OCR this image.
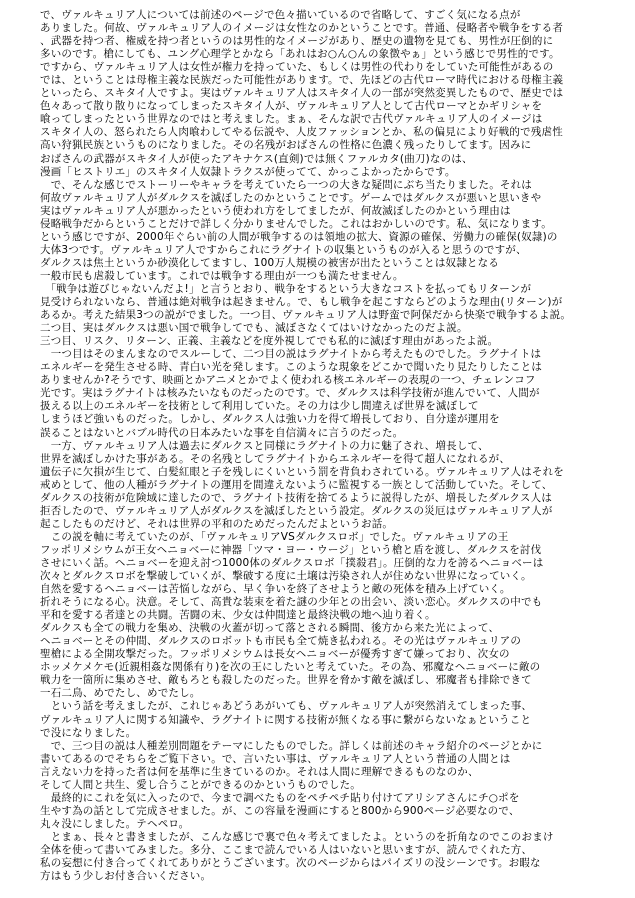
で、ヴァルキュリア人については前述のページで色々描いているので省略して、すごく気になる点が
ありました。何故、ヴァルキュリア人のイメージは女性なのかということです。普通、侵略者や戦争をする者
、武器を持つ者、権威を持つ者というのは男性的なイメージがあり、歴史の遺物を見ても、男性が圧倒的に
多いのです。槍にしても、ユング心理学とかなら「あれはお○ん○んの象徴やぁ」という感じで男性的です。
ですから、ヴァルキュリア人は女性が権力を持っていた、もしくは男性の代わりをしていた可能性があるの
では、ということは母権主義な民族だった可能性があります。で、先ほどの古代ローマ時代における母権主義
といったら、スキタイ人ですよ。実はヴァルキュリア人はスキタイ人の一部が突然変異したもので、歴史では
色々あって散り散りになってしまったスキタイ人が、ヴァルキュリア人として古代ローマとかギリシャを
喰ってしまったという世界なのではと考えました。まぁ、そんな訳で古代ヴァルキュリア人のイメージは
スキタイ人の、怒られたら人肉喰わしてやる伝説や、人皮ファッションとか、私の偏見により好戦的で残虐性
高い狩猟民族というものになりました。その名残がおばさんの性格に色濃く残ったりしてます。因みに
おばさんの武器がスキタイ人が使ったアキナケス(直剣)では無くファルカタ(曲刀)なのは、
漫画「ヒストリエ」のスキタイ人奴隷トラクスが使ってて、かっこよかったからです。
　で、そんな感じでストーリーやキャラを考えていたら一つの大きな疑問にぶち当たりました。それは
何故ヴァルキュリア人がダルクスを滅ぼしたのかということです。ゲームではダルクスが悪いと思いきや
実はヴァルキュリア人が悪かったという使われ方をしてましたが、何故滅ぼしたのかという理由は
侵略戦争だからということだけで詳しく分かりませんでした。これはおかしいのです。私、気になります。
という感じですが、2000年ぐらい前の人間が戦争するのは領地の拡大、資源の確保、労働力の確保(奴隷)の
大体3つです。ヴァルキュリア人ですからこれにラグナイトの収集というものが入ると思うのですが、
ダルクスは焦土というか砂漠化してますし、100万人規模の被害が出たということは奴隷となる
一般市民も虐殺しています。これでは戦争する理由が一つも満たせません。
　「戦争は遊びじゃないんだよ!」と言うとおり、戦争をするという大きなコストを払ってもリターンが
見受けられないなら、普通は絶対戦争は起きません。で、もし戦争を起こすならどのような理由(リターン)が
あるか。考えた結果3つの説がでました。一つ目、ヴァルキュリア人は野蛮で阿保だから快楽で戦争するよ説。
二つ目、実はダルクスは悪い国で戦争してでも、滅ぼさなくてはいけなかったのだよ説。
三つ目、リスク、リターン、正義、主義などを度外視してでも私的に滅ぼす理由があったよ説。
　一つ目はそのまんまなのでスルーして、二つ目の説はラグナイトから考えたものでした。ラグナイトは
エネルギーを発生させる時、青白い光を発します。このような現象をどこかで聞いたり見たりしたことは
ありませんか?そうです、映画とかアニメとかでよく使われる核エネルギーの表現の一つ、チェレンコフ
光です。実はラグナイトは核みたいなものだったのです。で、ダルクスは科学技術が進んでいて、人間が
扱える以上のエネルギーを技術として利用していた。その力は少し間違えば世界を滅ぼして
しまうほど強いものだった。しかし、ダルクス人は強い力を得て増長しており、自分達が運用を
誤ることはないとバブル時代の日本みたいな事を自信満々に言うのだった。
　一方、ヴァルキュリア人は過去にダルクスと同様にラグナイトの力に魅了され、増長して、
世界を滅ぼしかけた事がある。その名残としてラグナイトからエネルギーを得て超人になれるが、
遺伝子に欠損が生じて、白髪紅眼と子を残しにくいという罰を背負わされている。ヴァルキュリア人はそれを
戒めとして、他の人種がラグナイトの運用を間違えないように監視する一族として活動していた。そして、
ダルクスの技術が危険域に達したので、ラグナイト技術を捨てるように説得したが、増長したダルクス人は
拒否したので、ヴァルキュリア人がダルクスを滅ぼしたという設定。ダルクスの災厄はヴァルキュリア人が
起こしたものだけど、それは世界の平和のためだったんだよというお話。
　この説を軸に考えていたのが、「ヴァルキュリアVSダルクスロボ」でした。ヴァルキュリアの王
フッポリメシウムが王女ヘニョベーに神器「ツマ・ヨー・ウージ」という槍と盾を渡し、ダルクスを討伐
させにいく話。ヘニョベーを迎え討つ1000体のダルクスロボ「撲殺君」。圧倒的な力を誇るヘニョベーは
次々とダルクスロボを撃破していくが、撃破する度に土壌は汚染され人が住めない世界になっていく。
自然を愛するヘニョベーは苦悩しながら、早く争いを終了させようと敵の死体を積み上げていく。
折れそうになる心。決意。そして、高貴な装束を着た謎の少年との出会い、淡い恋心。ダルクスの中でも
平和を愛する者達との共闘。苦闘の末、少女は仲間達と最終決戦の地へ辿り着く。
ダルクスも全ての戦力を集め、決戦の火蓋が切って落とされる瞬間、後方から来た光によって、
ヘニョベーとその仲間、ダルクスのロボットも市民も全て焼き払われる。その光はヴァルキュリアの
聖槍による全開攻撃だった。フッポリメシウムは長女ヘニョベーが優秀すぎて嫌っており、次女の
ホッメケメケモ(近親相姦な関係有り)を次の王にしたいと考えていた。その為、邪魔なヘニョベーに敵の
戦力を一箇所に集めさせ、敵もろとも殺したのだった。世界を脅かす敵を滅ぼし、邪魔者も排除できて
一石二鳥、めでたし、めでたし。
　という話を考えましたが、これじゃあどうあがいても、ヴァルキュリア人が突然消えてしまった事、
ヴァルキュリア人に関する知識や、ラグナイトに関する技術が無くなる事に繋がらないなぁということ
で没になりました。
　で、三つ目の説は人種差別問題をテーマにしたものでした。詳しくは前述のキャラ紹介のページとかに
書いてあるのでそちらをご覧下さい。で、言いたい事は、ヴァルキュリア人という普通の人間とは
言えない力を持った者は何を基準に生きているのか。それは人間に理解できるものなのか、
そして人間と共生、愛し合うことができるのかというものでした。
　最終的にこれを気に入ったので、今まで調べたものをペチペチ貼り付けてアリシアさんにチ○ポを
生やす為の話として完成させました。が、この容量を漫画にすると800から900ページ必要なので、
丸々没にしました。テヘペロ。
　とまぁ、長々と書きましたが、こんな感じで裏で色々考えてましたよ。というのを折角なのでこのおまけ
全体を使って書いてみました。多分、ここまで読んでいる人はいないと思いますが、読んでくれた方、
私の妄想に付き合ってくれてありがとうございます。次のページからはパイズリの没シーンです。お暇な
方はもう少しお付き合いください。
